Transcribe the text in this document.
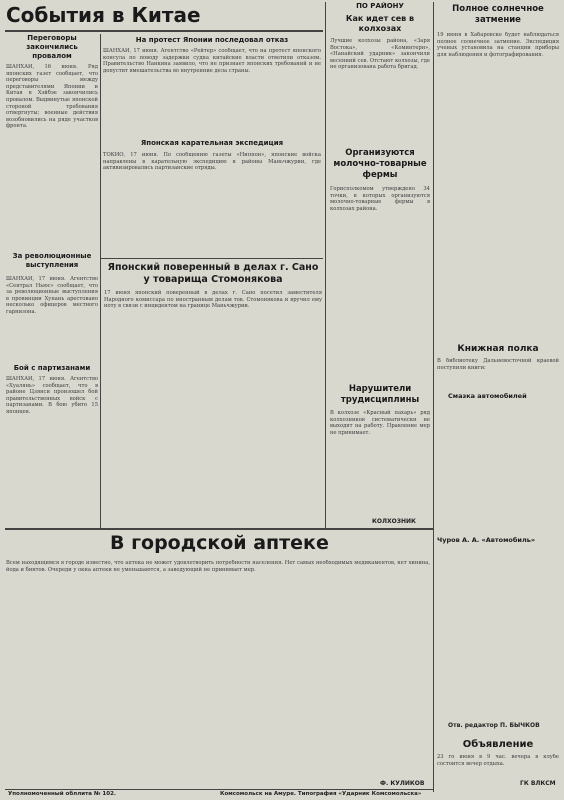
События в Китае	ПО РАЙОНУ
Переговоры закончились провалом
ШАНХАЙ, 16 июня. Ряд японских газет сообщает, что переговоры между представителями Японии и Китая в Хэйбэе закончились провалом. Выдвинутые японской стороной требования отвергнуты; военные действия возобновились на ряде участков фронта.
На протест Японии последовал отказ
ШАНХАЙ, 17 июня. Агентство «Рейтер» сообщает, что на протест японского консула по поводу задержки судна китайские власти ответили отказом. Правительство Нанкина заявило, что не признает японских требований и не допустит вмешательства во внутренние дела страны.
Японская карательная экспедиция
ТОКИО, 17 июня. По сообщению газеты «Ниппон», японские войска направлены в карательную экспедицию в районы Маньчжурии, где активизировались партизанские отряды.
За революционные выступления
ШАНХАЙ, 17 июня. Агентство «Сентрал Ньюс» сообщает, что за революционные выступления в провинции Хунань арестовано несколько офицеров местного гарнизона.
Бой с партизанами
ШАНХАЙ, 17 июня. Агентство «Хуалянь» сообщает, что в районе Цзянси произошел бой правительственных войск с партизанами. В бою убито 15 японцев.
Японский поверенный в делах г. Сано у товарища Стомонякова
17 июня японский поверенный в делах г. Сано посетил заместителя Народного комиссара по иностранным делам тов. Стомонякова и вручил ему ноту в связи с инцидентом на границе Маньчжурии.
Как идет сев в колхозах
Лучшие колхозы района, «Заря Востока», «Коминтерн», «Нанайский ударник» закончили весенний сев. Отстают колхозы, где не организована работа бригад.
Организуются молочно-товарные фермы
Горисполкомом утверждено 34 точки, в которых организуются молочно-товарные фермы в колхозах района.
Нарушители трудисциплины
В колхозе «Красный пахарь» ряд колхозников систематически не выходят на работу. Правление мер не принимает.
КОЛХОЗНИК
Полное солнечное затмение
19 июня в Хабаровске будет наблюдаться полное солнечное затмение. Экспедиция ученых установила на станции приборы для наблюдения и фотографирования.
Книжная полка
В библиотеку Дальневосточной краевой поступили книги:
Смазка автомобилей
Чуров А. А. «Автомобиль»
Отв. редактор П. БЫЧКОВ
Объявление
23 го июня в 9 час. вечера в клубе состоится вечер отдыха.
ГК ВЛКСМ
В городской аптеке
Всем находящимся в городе известно, что аптека не может удовлетворить потребности населения. Нет самых необходимых медикаментов, нет хинина, йода и бинтов. Очереди у окна аптеки не уменьшаются, а заведующий не принимает мер.
Ф. КУЛИКОВ
Уполномоченный обллита № 102.	Комсомольск на Амуре. Типография «Ударник Комсомольска»
